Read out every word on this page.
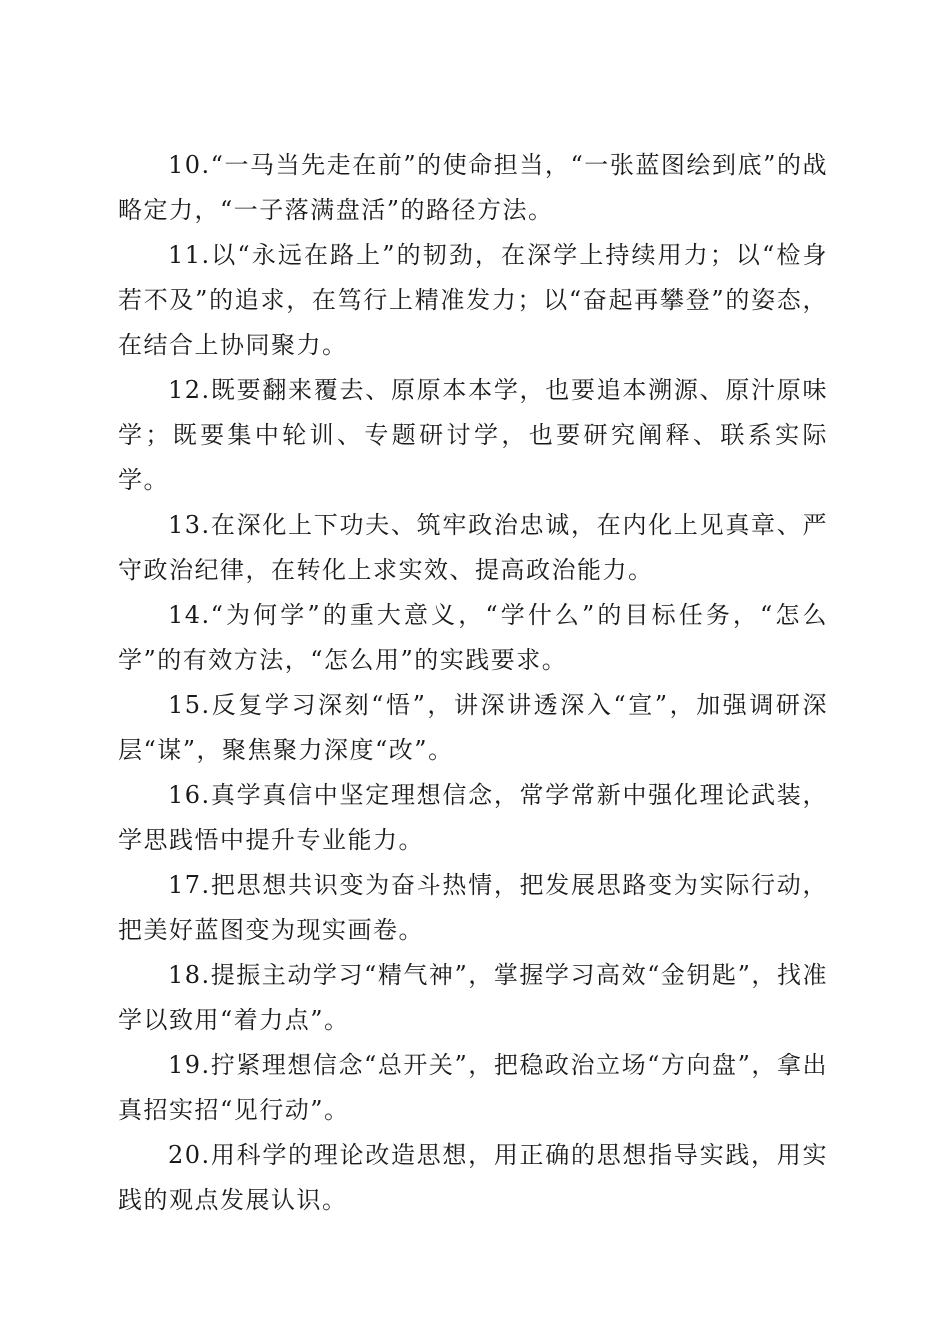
10.“一马当先走在前”的使命担当，“一张蓝图绘到底”的战略定力，“一子落满盘活”的路径方法。

11.以“永远在路上”的韧劲，在深学上持续用力；以“检身若不及”的追求，在笃行上精准发力；以“奋起再攀登”的姿态，在结合上协同聚力。

12.既要翻来覆去、原原本本学，也要追本溯源、原汁原味学；既要集中轮训、专题研讨学，也要研究阐释、联系实际学。

13.在深化上下功夫、筑牢政治忠诚，在内化上见真章、严守政治纪律，在转化上求实效、提高政治能力。

14.“为何学”的重大意义，“学什么”的目标任务，“怎么学”的有效方法，“怎么用”的实践要求。

15.反复学习深刻“悟”，讲深讲透深入“宣”，加强调研深层“谋”，聚焦聚力深度“改”。

16.真学真信中坚定理想信念，常学常新中强化理论武装，学思践悟中提升专业能力。

17.把思想共识变为奋斗热情，把发展思路变为实际行动，把美好蓝图变为现实画卷。

18.提振主动学习“精气神”，掌握学习高效“金钥匙”，找准学以致用“着力点”。

19.拧紧理想信念“总开关”，把稳政治立场“方向盘”，拿出真招实招“见行动”。

20.用科学的理论改造思想，用正确的思想指导实践，用实践的观点发展认识。
